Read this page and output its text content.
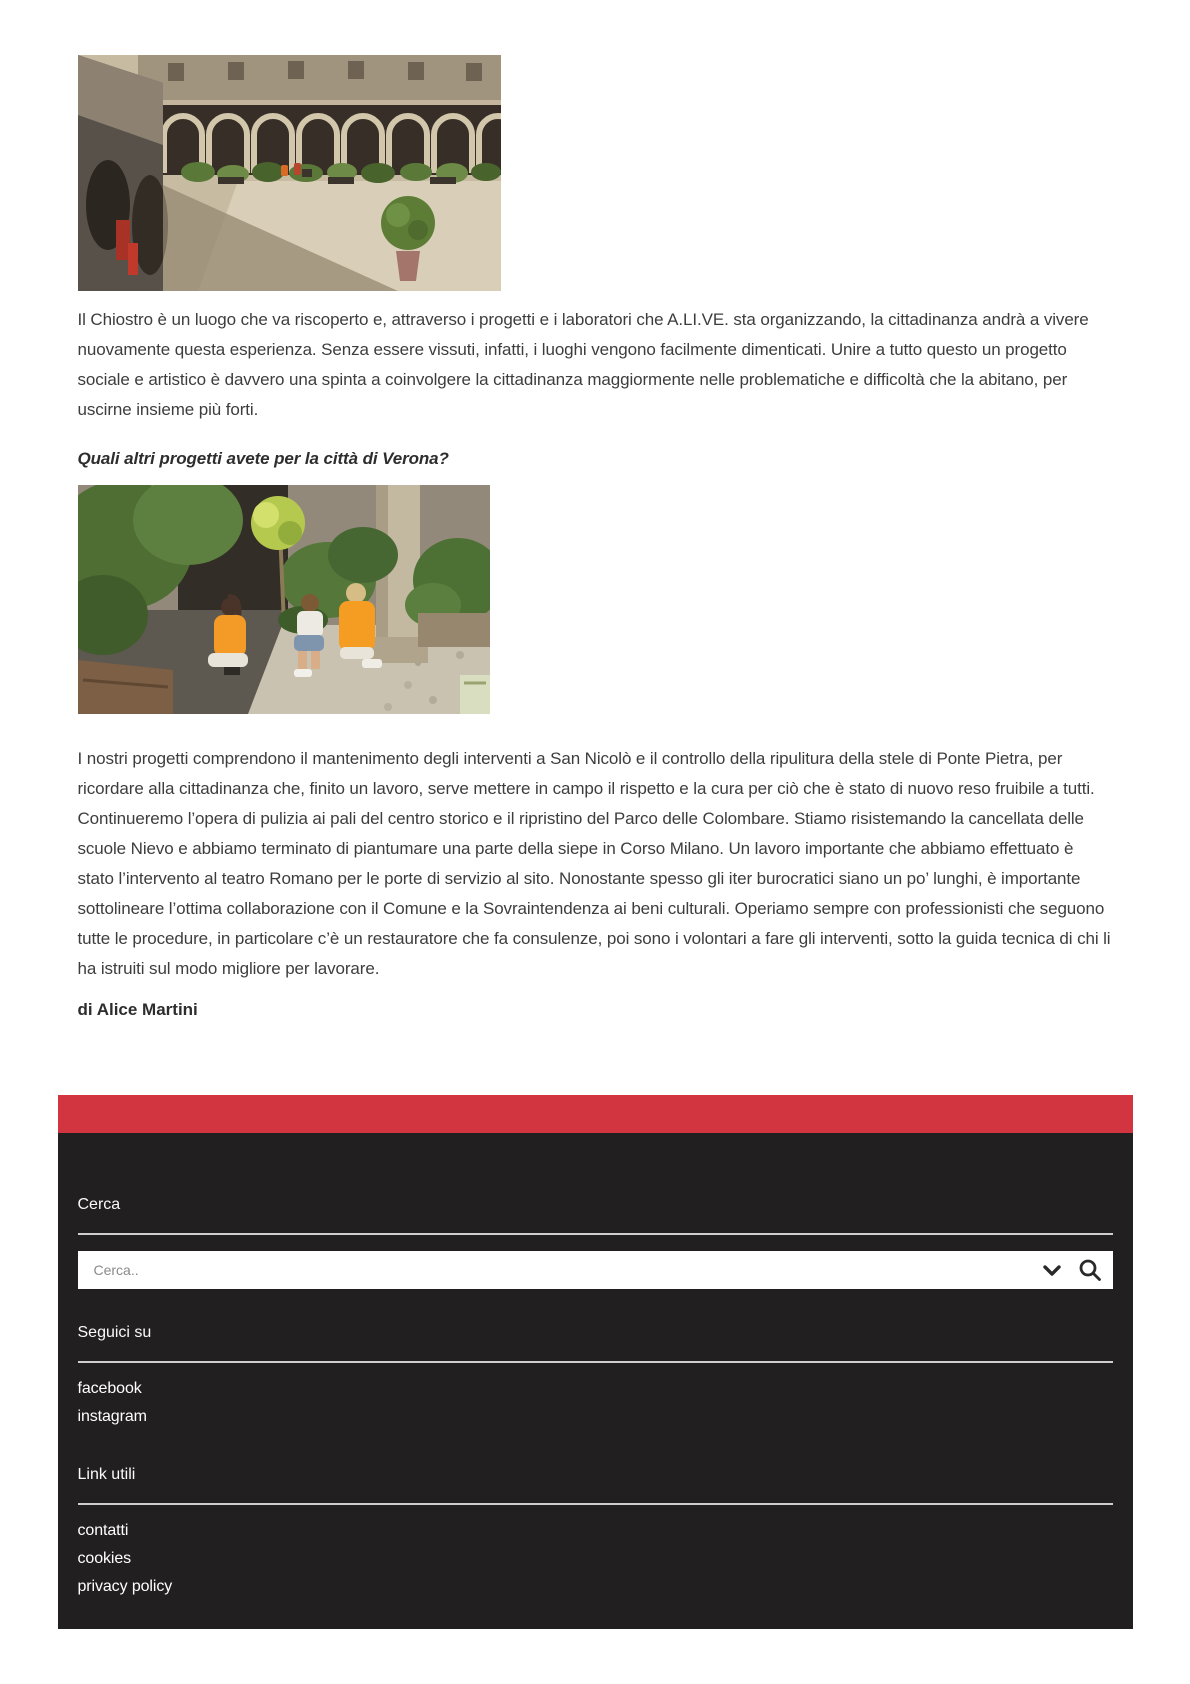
Il Chiostro è un luogo che va riscoperto e, attraverso i progetti e i laboratori che A.LI.VE. sta organizzando, la cittadinanza andrà a vivere nuovamente questa esperienza. Senza essere vissuti, infatti, i luoghi vengono facilmente dimenticati. Unire a tutto questo un progetto sociale e artistico è davvero una spinta a coinvolgere la cittadinanza maggiormente nelle problematiche e difficoltà che la abitano, per uscirne insieme più forti.

Quali altri progetti avete per la città di Verona?

I nostri progetti comprendono il mantenimento degli interventi a San Nicolò e il controllo della ripulitura della stele di Ponte Pietra, per ricordare alla cittadinanza che, finito un lavoro, serve mettere in campo il rispetto e la cura per ciò che è stato di nuovo reso fruibile a tutti. Continueremo l’opera di pulizia ai pali del centro storico e il ripristino del Parco delle Colombare. Stiamo risistemando la cancellata delle scuole Nievo e abbiamo terminato di piantumare una parte della siepe in Corso Milano. Un lavoro importante che abbiamo effettuato è stato l’intervento al teatro Romano per le porte di servizio al sito. Nonostante spesso gli iter burocratici siano un po’ lunghi, è importante sottolineare l’ottima collaborazione con il Comune e la Sovraintendenza ai beni culturali. Operiamo sempre con professionisti che seguono tutte le procedure, in particolare c’è un restauratore che fa consulenze, poi sono i volontari a fare gli interventi, sotto la guida tecnica di chi li ha istruiti sul modo migliore per lavorare.

di Alice Martini

Cerca
Cerca..
Seguici su
facebook
instagram
Link utili
contatti
cookies
privacy policy
